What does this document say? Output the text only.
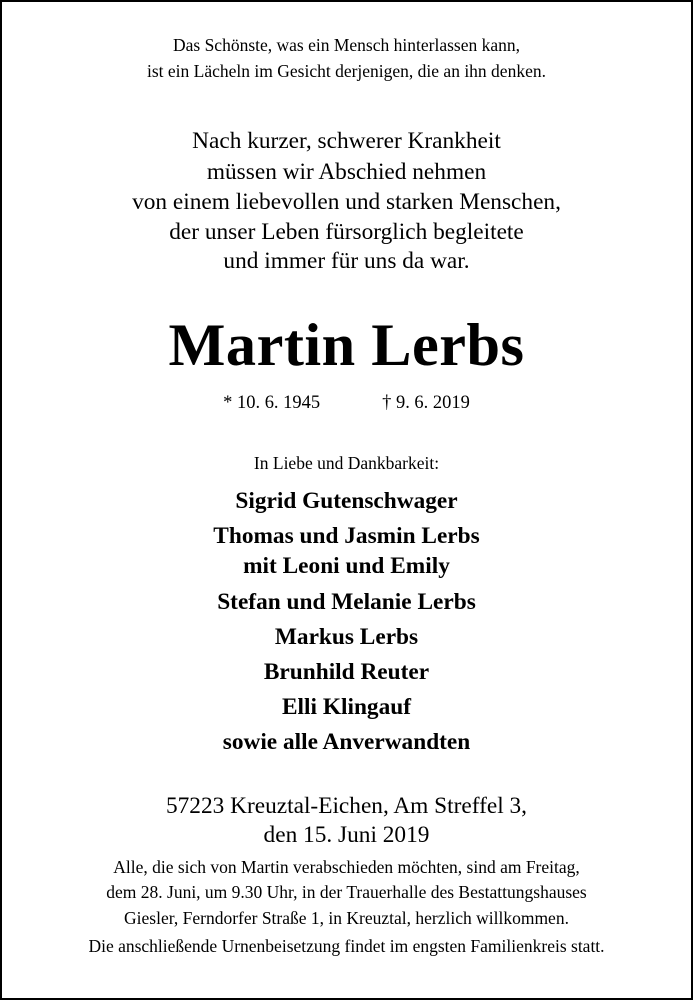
Das Schönste, was ein Mensch hinterlassen kann,
ist ein Lächeln im Gesicht derjenigen, die an ihn denken.
Nach kurzer, schwerer Krankheit
müssen wir Abschied nehmen
von einem liebevollen und starken Menschen,
der unser Leben fürsorglich begleitete
und immer für uns da war.
Martin Lerbs
* 10. 6. 1945	† 9. 6. 2019
In Liebe und Dankbarkeit:
Sigrid Gutenschwager
Thomas und Jasmin Lerbs
mit Leoni und Emily
Stefan und Melanie Lerbs
Markus Lerbs
Brunhild Reuter
Elli Klingauf
sowie alle Anverwandten
57223 Kreuztal-Eichen, Am Streffel 3,
den 15. Juni 2019
Alle, die sich von Martin verabschieden möchten, sind am Freitag,
dem 28. Juni, um 9.30 Uhr, in der Trauerhalle des Bestattungshauses
Giesler, Ferndorfer Straße 1, in Kreuztal, herzlich willkommen.
Die anschließende Urnenbeisetzung findet im engsten Familienkreis statt.
